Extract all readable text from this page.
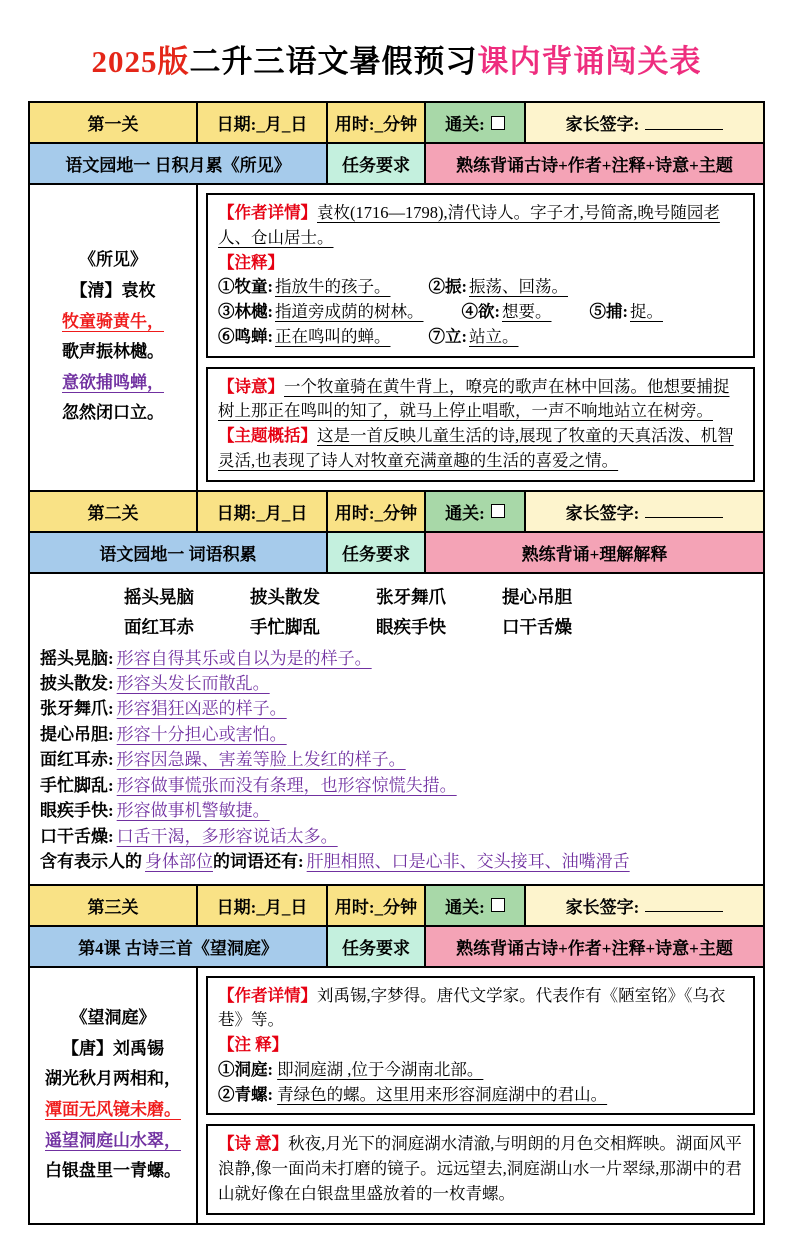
2025版二升三语文暑假预习课内背诵闯关表
第一关	日期:_月_日	用时:_分钟	通关:	家长签字:
语文园地一 日积月累《所见》	任务要求	熟练背诵古诗+作者+注释+诗意+主题
《所见》
【清】袁枚
牧童骑黄牛，
歌声振林樾。
意欲捕鸣蝉，
忽然闭口立。
【作者详情】袁枚(1716—1798),清代诗人。字子才,号简斋,晚号随园老人、仓山居士。
【注释】
①牧童: 指放牛的孩子。 ②振: 振荡、回荡。
③林樾: 指道旁成荫的树林。 ④欲: 想要。 ⑤捕: 捉。
⑥鸣蝉: 正在鸣叫的蝉。 ⑦立: 站立。
【诗意】一个牧童骑在黄牛背上，嘹亮的歌声在林中回荡。他想要捕捉树上那正在鸣叫的知了，就马上停止唱歌，一声不响地站立在树旁。
【主题概括】这是一首反映儿童生活的诗,展现了牧童的天真活泼、机智灵活,也表现了诗人对牧童充满童趣的生活的喜爱之情。
第二关	日期:_月_日	用时:_分钟	通关:	家长签字:
语文园地一 词语积累	任务要求	熟练背诵+理解解释
摇头晃脑	披头散发	张牙舞爪	提心吊胆
面红耳赤	手忙脚乱	眼疾手快	口干舌燥
摇头晃脑: 形容自得其乐或自以为是的样子。
披头散发: 形容头发长而散乱。
张牙舞爪: 形容猖狂凶恶的样子。
提心吊胆: 形容十分担心或害怕。
面红耳赤: 形容因急躁、害羞等脸上发红的样子。
手忙脚乱: 形容做事慌张而没有条理，也形容惊慌失措。
眼疾手快: 形容做事机警敏捷。
口干舌燥: 口舌干渴，多形容说话太多。
含有表示人的 身体部位的词语还有: 肝胆相照、口是心非、交头接耳、油嘴滑舌
第三关	日期:_月_日	用时:_分钟	通关:	家长签字:
第4课 古诗三首《望洞庭》	任务要求	熟练背诵古诗+作者+注释+诗意+主题
《望洞庭》
【唐】刘禹锡
湖光秋月两相和，
潭面无风镜未磨。
遥望洞庭山水翠，
白银盘里一青螺。
【作者详情】刘禹锡,字梦得。唐代文学家。代表作有《陋室铭》《乌衣巷》等。
【注 释】
①洞庭: 即洞庭湖 ,位于今湖南北部。
②青螺: 青绿色的螺。这里用来形容洞庭湖中的君山。
【诗 意】秋夜,月光下的洞庭湖水清澈,与明朗的月色交相辉映。湖面风平浪静,像一面尚未打磨的镜子。远远望去,洞庭湖山水一片翠绿,那湖中的君山就好像在白银盘里盛放着的一枚青螺。
